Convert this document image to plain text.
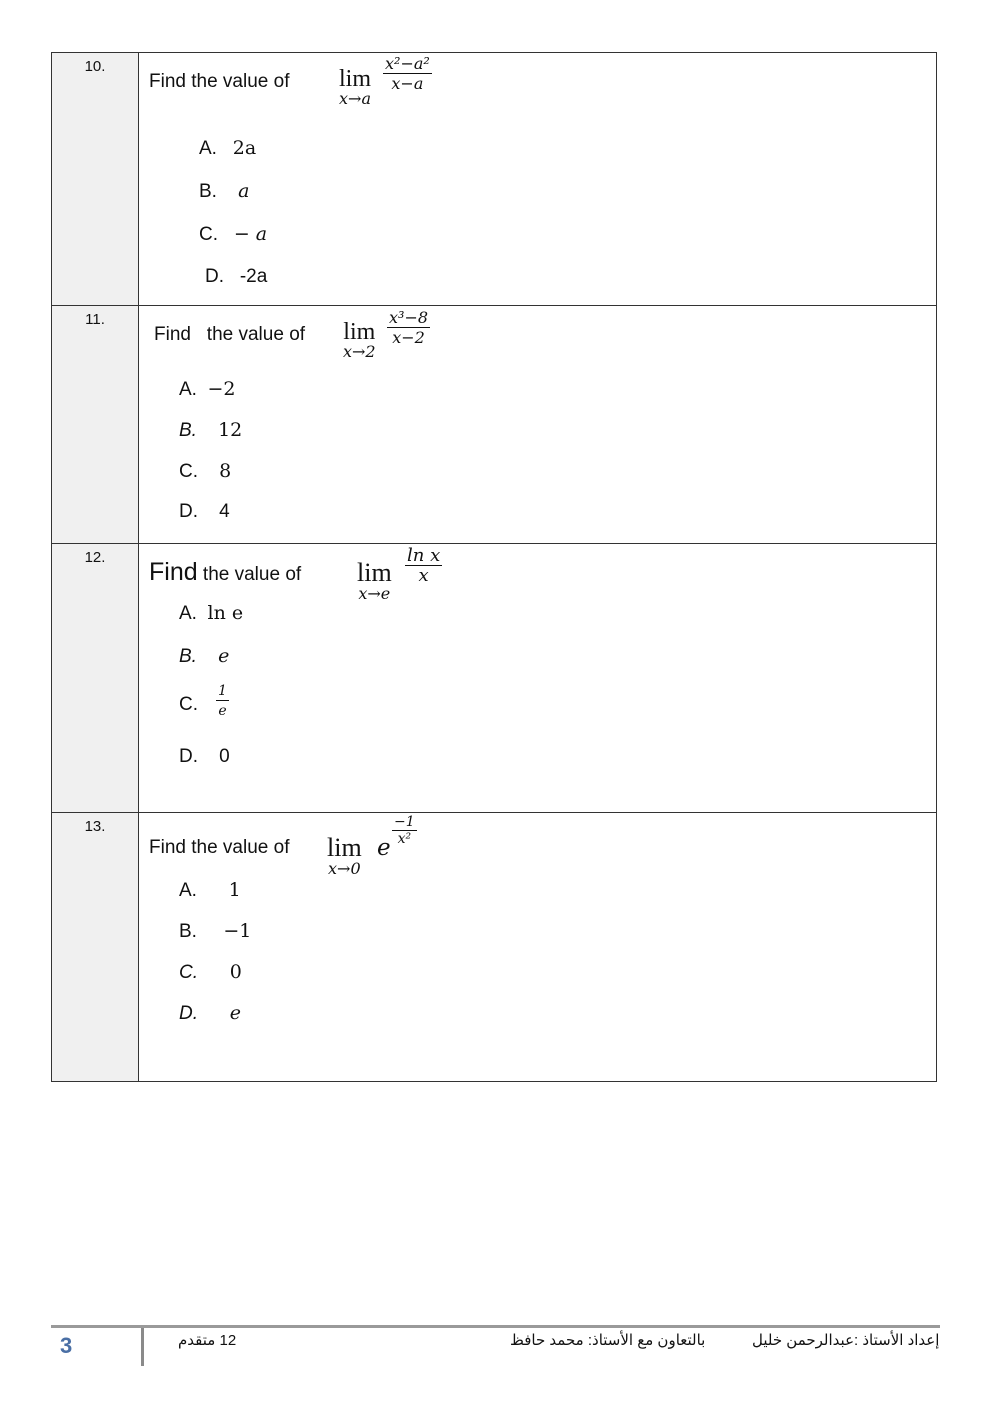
10.
Find the value of lim
x→a
$\frac{\text{x²−a²}}{x-a}$
A. 2a
B. a
C. − a
D. -2a
11.
Find   the value of lim
x→2
$\frac{\text{x³−8}}{x-2}$
A. −2
B. 12
C. 8
D. 4
12.
Find the value of lim
x→e
$\frac{\text{ln x}}{x}$
A. ln e
B. e
C. $\frac{1}{e}$
D. 0
13.
Find the value of lim
x→0
e
$\frac{-1}{\text{x²}}$
A. 1
B. −1
C. 0
D. e
3	12 متقدم	بالتعاون مع الأستاذ: محمد حافظ	إعداد الأستاذ :عبدالرحمن خليل
